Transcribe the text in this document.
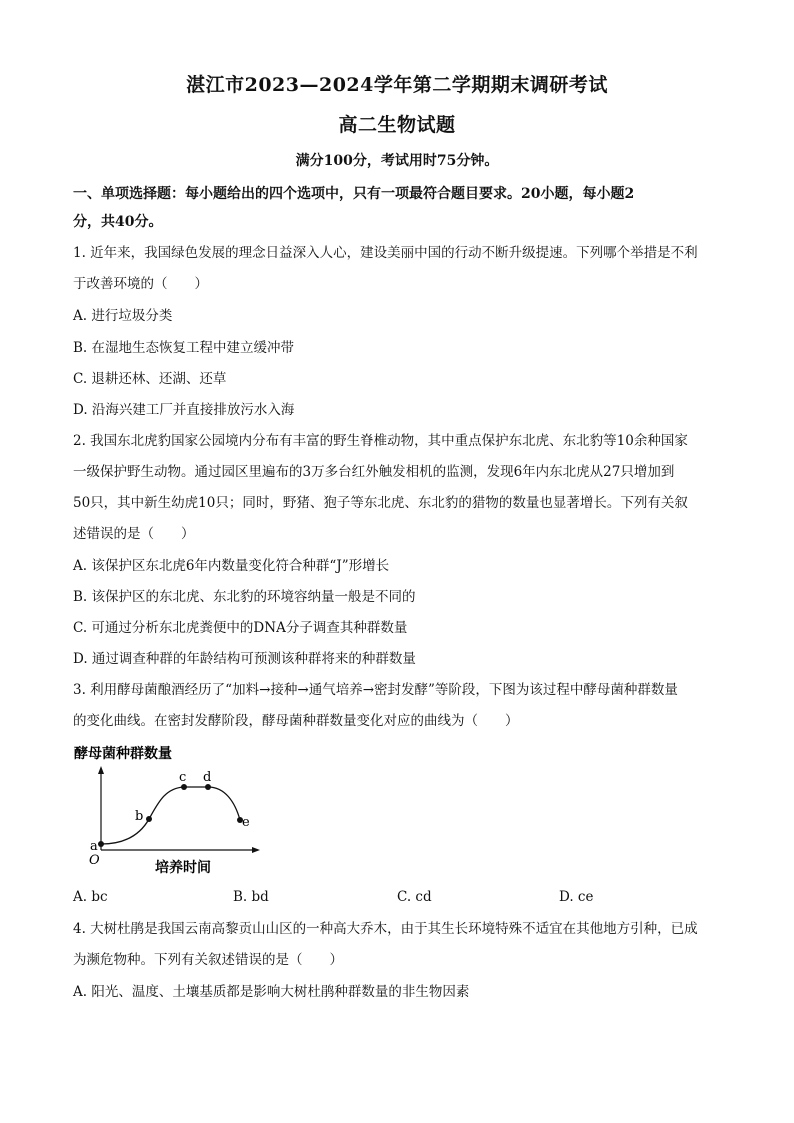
湛江市2023—2024学年第二学期期末调研考试
高二生物试题
满分100分，考试用时75分钟。
一、单项选择题：每小题给出的四个选项中，只有一项最符合题目要求。20小题，每小题2
分，共40分。
1. 近年来，我国绿色发展的理念日益深入人心，建设美丽中国的行动不断升级提速。下列哪个举措是不利
于改善环境的（　　）
A. 进行垃圾分类
B. 在湿地生态恢复工程中建立缓冲带
C. 退耕还林、还湖、还草
D. 沿海兴建工厂并直接排放污水入海
2. 我国东北虎豹国家公园境内分布有丰富的野生脊椎动物，其中重点保护东北虎、东北豹等10余种国家
一级保护野生动物。通过园区里遍布的3万多台红外触发相机的监测，发现6年内东北虎从27只增加到
50只，其中新生幼虎10只；同时，野猪、狍子等东北虎、东北豹的猎物的数量也显著增长。下列有关叙
述错误的是（　　）
A. 该保护区东北虎6年内数量变化符合种群“J”形增长
B. 该保护区的东北虎、东北豹的环境容纳量一般是不同的
C. 可通过分析东北虎粪便中的DNA分子调查其种群数量
D. 通过调查种群的年龄结构可预测该种群将来的种群数量
3. 利用酵母菌酿酒经历了“加料→接种→通气培养→密封发酵”等阶段，下图为该过程中酵母菌种群数量
的变化曲线。在密封发酵阶段，酵母菌种群数量变化对应的曲线为（　　）
酵母菌种群数量
a
b
c d
e
O	培养时间
A. bc	B. bd	C. cd	D. ce
4. 大树杜鹃是我国云南高黎贡山山区的一种高大乔木，由于其生长环境特殊不适宜在其他地方引种，已成
为濒危物种。下列有关叙述错误的是（　　）
A. 阳光、温度、土壤基质都是影响大树杜鹃种群数量的非生物因素
